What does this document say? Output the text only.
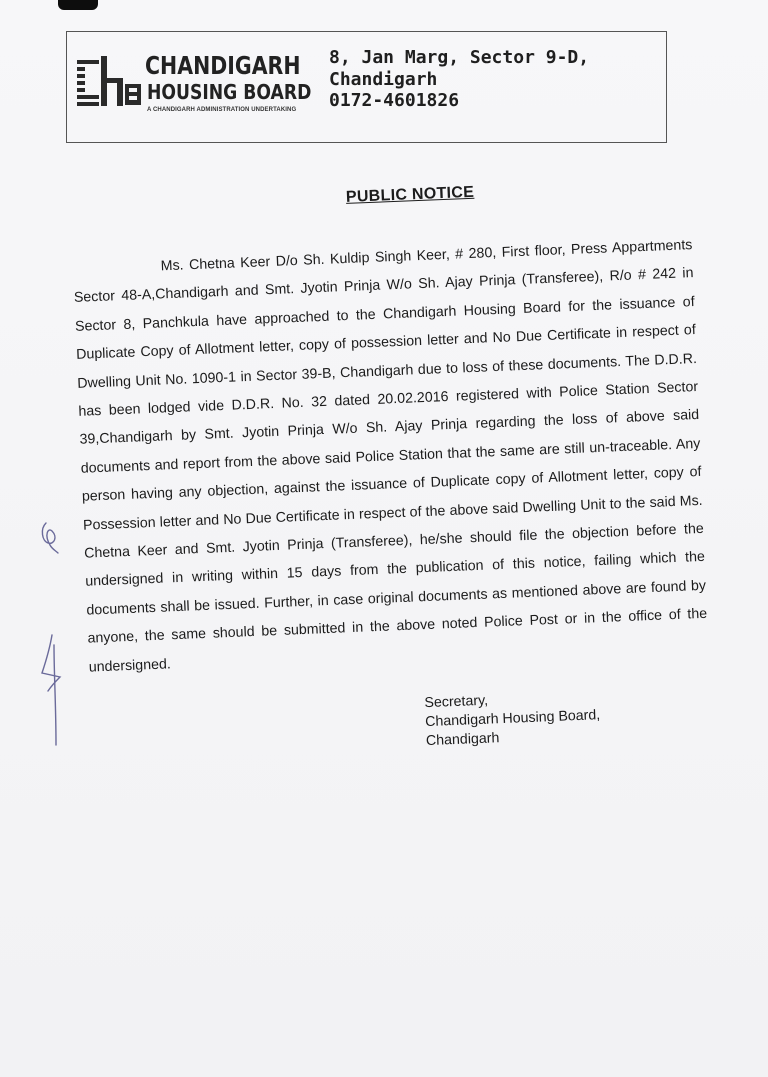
CHANDIGARH
HOUSING BOARD
A CHANDIGARH ADMINISTRATION UNDERTAKING
8, Jan Marg, Sector 9-D,
Chandigarh
0172-4601826
PUBLIC NOTICE

Ms. Chetna Keer D/o Sh. Kuldip Singh Keer, # 280, First floor, Press Appartments Sector 48-A,Chandigarh and Smt. Jyotin Prinja W/o Sh. Ajay Prinja (Transferee), R/o # 242 in Sector 8, Panchkula have approached to the Chandigarh Housing Board for the issuance of Duplicate Copy of Allotment letter, copy of possession letter and No Due Certificate in respect of Dwelling Unit No. 1090-1 in Sector 39-B, Chandigarh due to loss of these documents. The D.D.R. has been lodged vide D.D.R. No. 32 dated 20.02.2016 registered with Police Station Sector 39,Chandigarh by Smt. Jyotin Prinja W/o Sh. Ajay Prinja regarding the loss of above said documents and report from the above said Police Station that the same are still un-traceable. Any person having any objection, against the issuance of Duplicate copy of Allotment letter, copy of Possession letter and No Due Certificate in respect of the above said Dwelling Unit to the said Ms. Chetna Keer and Smt. Jyotin Prinja (Transferee), he/she should file the objection before the undersigned in writing within 15 days from the publication of this notice, failing which the documents shall be issued. Further, in case original documents as mentioned above are found by anyone, the same should be submitted in the above noted Police Post or in the office of the undersigned.

Secretary,
Chandigarh Housing Board,
Chandigarh
